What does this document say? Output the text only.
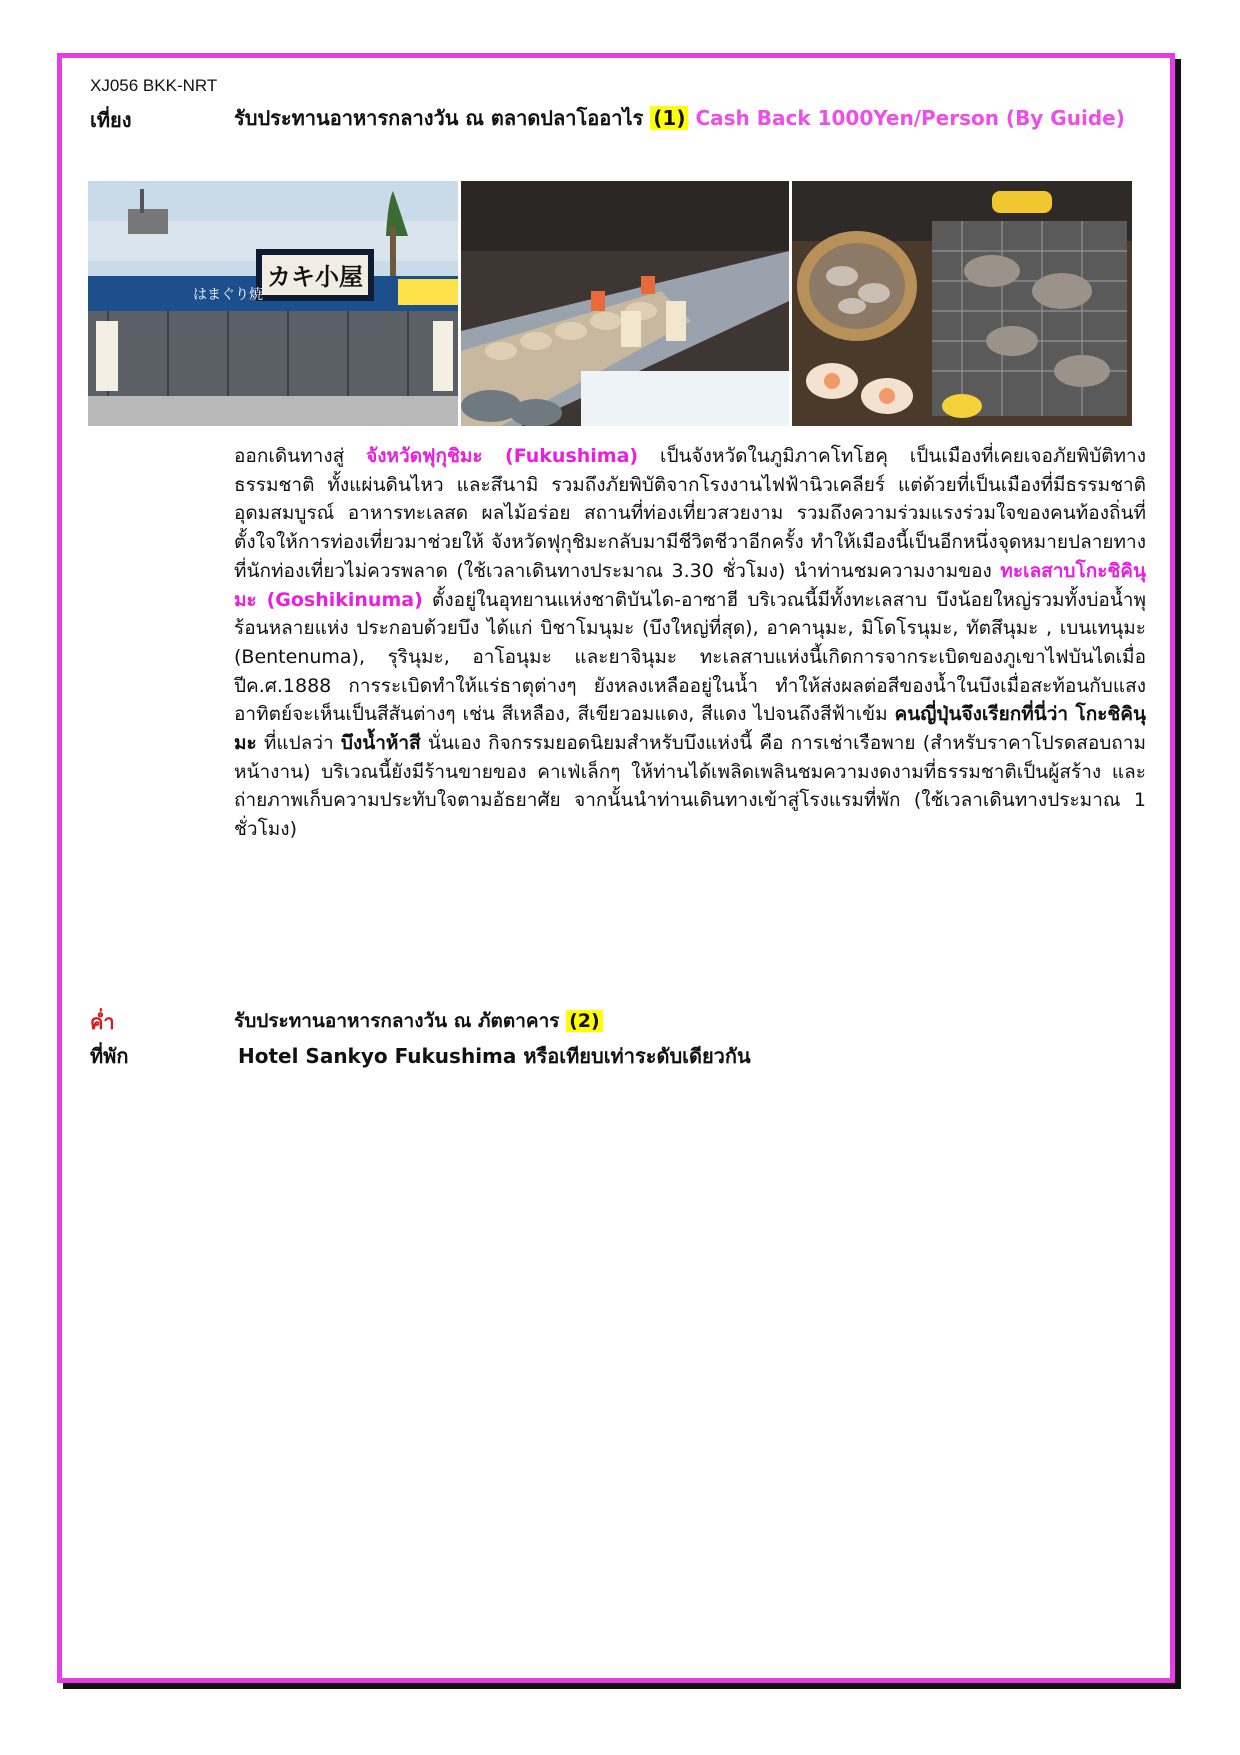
XJ056 BKK-NRT
เที่ยง	รับประทานอาหารกลางวัน ณ ตลาดปลาโออาไร (1) Cash Back 1000Yen/Person (By Guide)
カキ小屋
はまぐり焼
ออกเดินทางสู่ จังหวัดฟุกุชิมะ (Fukushima) เป็นจังหวัดในภูมิภาคโทโฮคุ เป็นเมืองที่เคยเจอภัยพิบัติทางธรรมชาติ ทั้งแผ่นดินไหว และสึนามิ รวมถึงภัยพิบัติจากโรงงานไฟฟ้านิวเคลียร์ แต่ด้วยที่เป็นเมืองที่มีธรรมชาติอุดมสมบูรณ์ อาหารทะเลสด ผลไม้อร่อย สถานที่ท่องเที่ยวสวยงาม รวมถึงความร่วมแรงร่วมใจของคนท้องถิ่นที่ตั้งใจให้การท่องเที่ยวมาช่วยให้ จังหวัดฟุกุชิมะกลับมามีชีวิตชีวาอีกครั้ง ทำให้เมืองนี้เป็นอีกหนึ่งจุดหมายปลายทางที่นักท่องเที่ยวไม่ควรพลาด (ใช้เวลาเดินทางประมาณ 3.30 ชั่วโมง) นำท่านชมความงามของ ทะเลสาบโกะชิคินุมะ (Goshikinuma) ตั้งอยู่ในอุทยานแห่งชาติบันได-อาซาฮี บริเวณนี้มีทั้งทะเลสาบ บึงน้อยใหญ่รวมทั้งบ่อน้ำพุร้อนหลายแห่ง ประกอบด้วยบึง ได้แก่ บิชาโมนุมะ (บึงใหญ่ที่สุด), อาคานุมะ, มิโดโรนุมะ, ทัตสึนุมะ , เบนเทนุมะ (Bentenuma), รุรินุมะ, อาโอนุมะ และยาจินุมะ ทะเลสาบแห่งนี้เกิดการจากระเบิดของภูเขาไฟบันไดเมื่อปีค.ศ.1888 การระเบิดทำให้แร่ธาตุต่างๆ ยังหลงเหลืออยู่ในน้ำ ทำให้ส่งผลต่อสีของน้ำในบึงเมื่อสะท้อนกับแสงอาทิตย์จะเห็นเป็นสีสันต่างๆ เช่น สีเหลือง, สีเขียวอมแดง, สีแดง ไปจนถึงสีฟ้าเข้ม คนญี่ปุ่นจึงเรียกที่นี่ว่า โกะชิคินุมะ ที่แปลว่า บึงน้ำห้าสี นั่นเอง กิจกรรมยอดนิยมสำหรับบึงแห่งนี้ คือ การเช่าเรือพาย (สำหรับราคาโปรดสอบถามหน้างาน) บริเวณนี้ยังมีร้านขายของ คาเฟ่เล็กๆ ให้ท่านได้เพลิดเพลินชมความงดงามที่ธรรมชาติเป็นผู้สร้าง และถ่ายภาพเก็บความประทับใจตามอัธยาศัย จากนั้นนำท่านเดินทางเข้าสู่โรงแรมที่พัก (ใช้เวลาเดินทางประมาณ 1 ชั่วโมง)
ค่ำ	รับประทานอาหารกลางวัน ณ ภัตตาคาร (2)
ที่พัก	Hotel Sankyo Fukushima หรือเทียบเท่าระดับเดียวกัน
